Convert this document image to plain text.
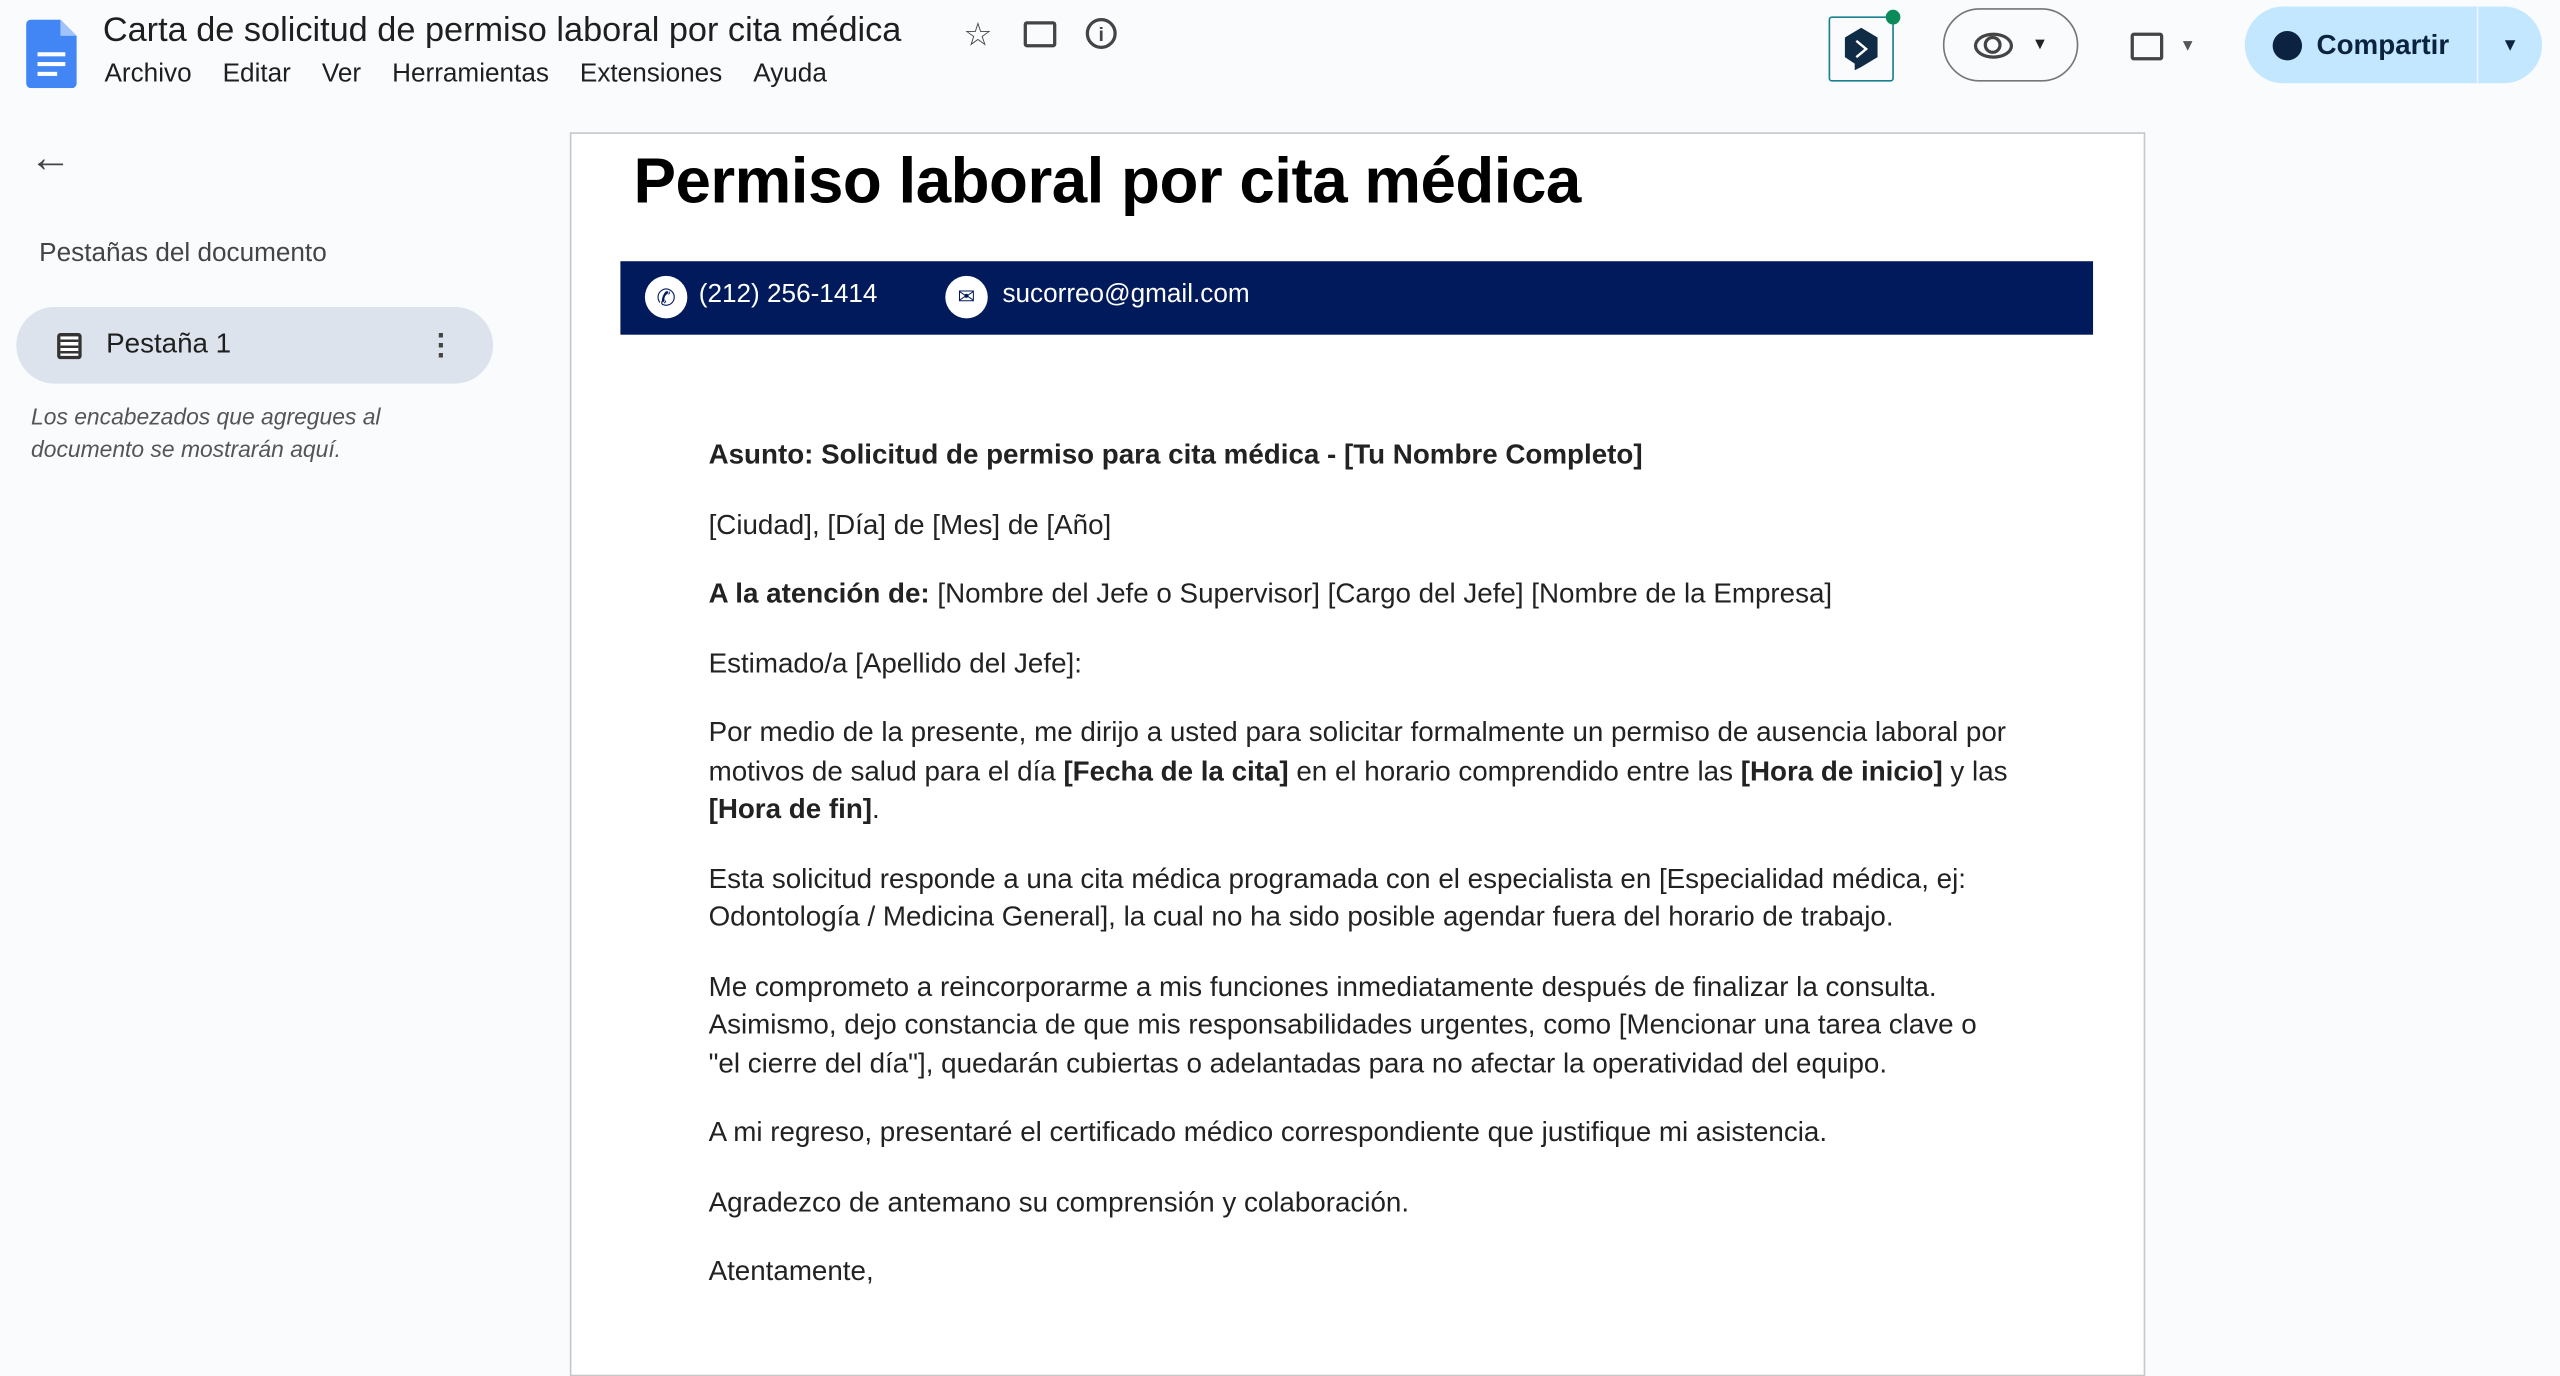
Carta de solicitud de permiso laboral por cita médica	☆	i
Archivo Editar Ver Herramientas Extensiones Ayuda
▼	▼	Compartir	▼
←
Pestañas del documento
Pestaña 1	⋮
Los encabezados que agregues al documento se mostrarán aquí.
Permiso laboral por cita médica
✆	(212) 256-1414	✉	sucorreo@gmail.com

Asunto: Solicitud de permiso para cita médica - [Tu Nombre Completo]

[Ciudad], [Día] de [Mes] de [Año]

A la atención de: [Nombre del Jefe o Supervisor] [Cargo del Jefe] [Nombre de la Empresa]

Estimado/a [Apellido del Jefe]:

Por medio de la presente, me dirijo a usted para solicitar formalmente un permiso de ausencia laboral por motivos de salud para el día [Fecha de la cita] en el horario comprendido entre las [Hora de inicio] y las [Hora de fin].

Esta solicitud responde a una cita médica programada con el especialista en [Especialidad médica, ej: Odontología / Medicina General], la cual no ha sido posible agendar fuera del horario de trabajo.

Me comprometo a reincorporarme a mis funciones inmediatamente después de finalizar la consulta. Asimismo, dejo constancia de que mis responsabilidades urgentes, como [Mencionar una tarea clave o "el cierre del día"], quedarán cubiertas o adelantadas para no afectar la operatividad del equipo.

A mi regreso, presentaré el certificado médico correspondiente que justifique mi asistencia.

Agradezco de antemano su comprensión y colaboración.

Atentamente,
